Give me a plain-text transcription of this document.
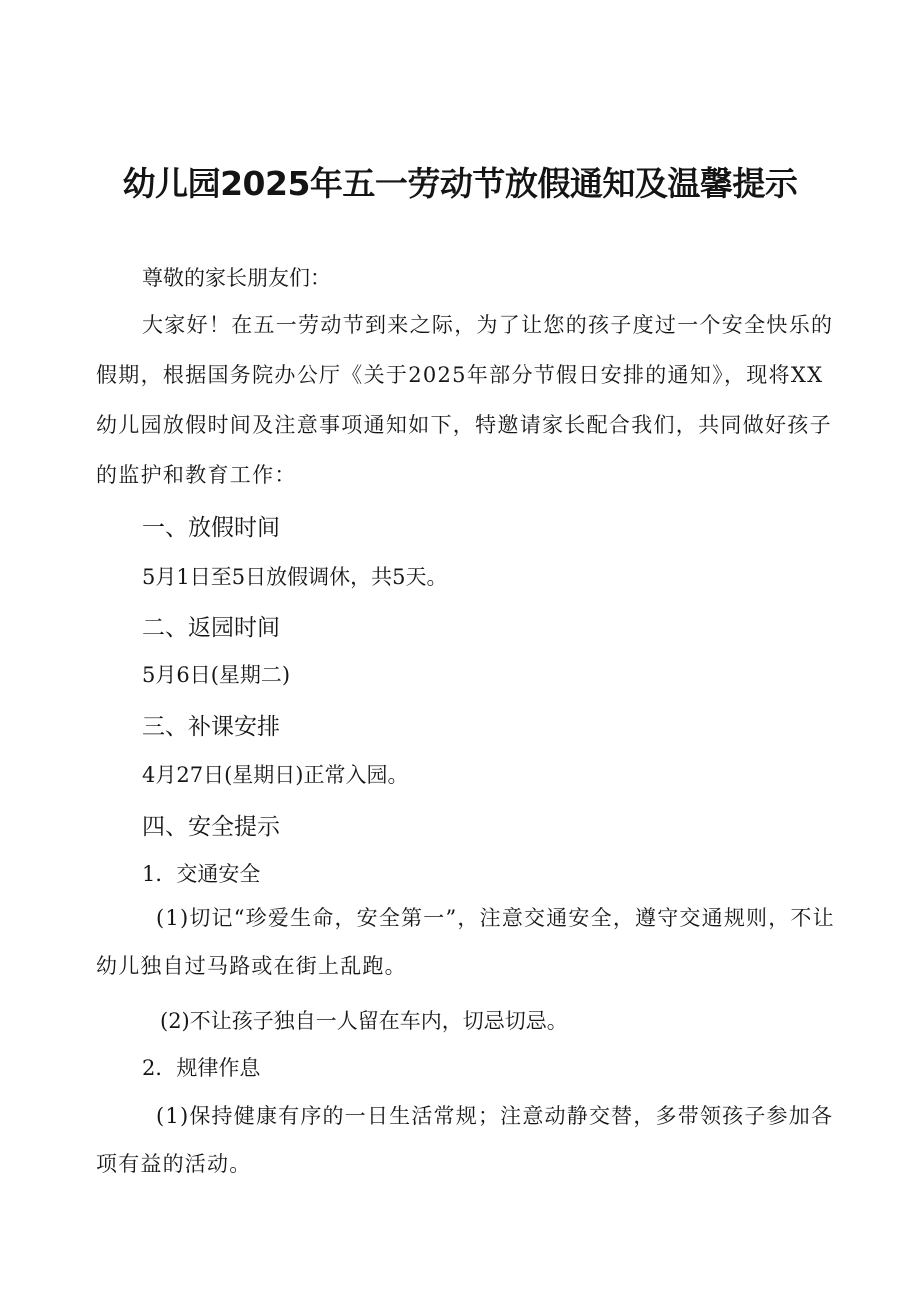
幼儿园2025年五一劳动节放假通知及温馨提示
尊敬的家长朋友们：
大家好！在五一劳动节到来之际，为了让您的孩子度过一个安全快乐的假期，根据国务院办公厅《关于2025年部分节假日安排的通知》，现将XX幼儿园放假时间及注意事项通知如下，特邀请家长配合我们，共同做好孩子的监护和教育工作：
一、放假时间
5月1日至5日放假调休，共5天。
二、返园时间
5月6日(星期二)
三、补课安排
4月27日(星期日)正常入园。
四、安全提示
1．交通安全
(1)切记“珍爱生命，安全第一”，注意交通安全，遵守交通规则，不让幼儿独自过马路或在街上乱跑。
(2)不让孩子独自一人留在车内，切忌切忌。
2．规律作息
(1)保持健康有序的一日生活常规；注意动静交替，多带领孩子参加各项有益的活动。
